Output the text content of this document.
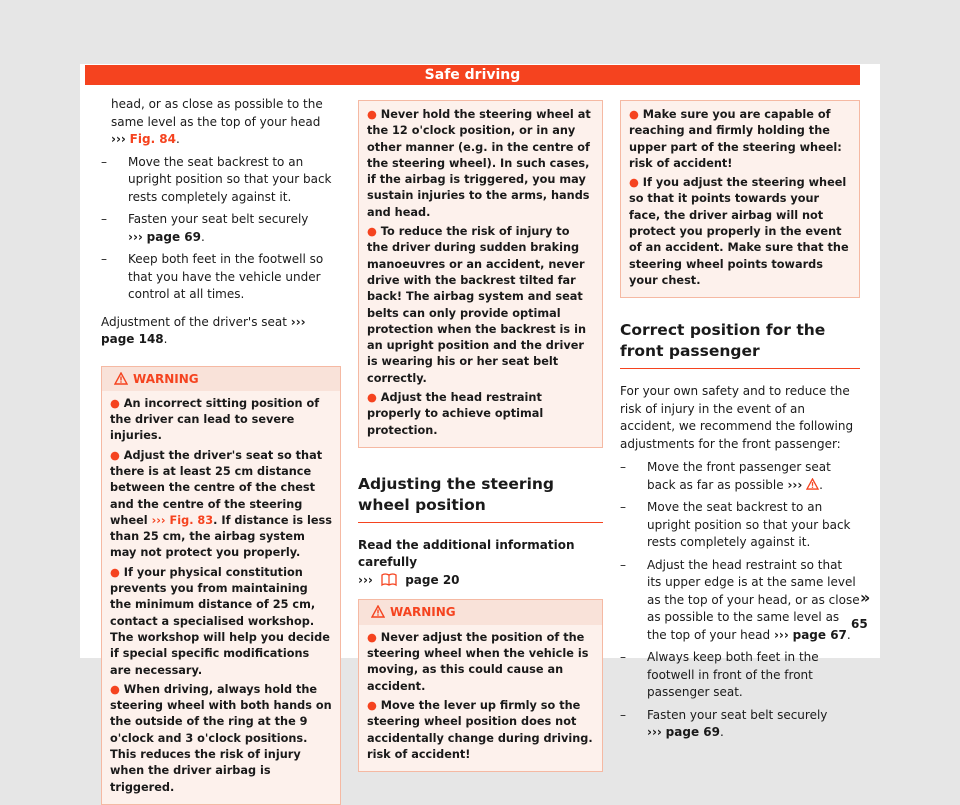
Safe driving

head, or as close as possible to the same level as the top of your head ››› Fig. 84.

– Move the seat backrest to an upright position so that your back rests completely against it.
– Fasten your seat belt securely
››› page 69.
– Keep both feet in the footwell so that you have the vehicle under control at all times.

Adjustment of the driver's seat ››› page 148.

WARNING

● An incorrect sitting position of the driver can lead to severe injuries.

● Adjust the driver's seat so that there is at least 25 cm distance between the centre of the chest and the centre of the steering wheel ››› Fig. 83. If distance is less than 25 cm, the airbag system may not protect you properly.

● If your physical constitution prevents you from maintaining the minimum distance of 25 cm, contact a specialised workshop. The workshop will help you decide if special specific modifications are necessary.

● When driving, always hold the steering wheel with both hands on the outside of the ring at the 9 o'clock and 3 o'clock positions. This reduces the risk of injury when the driver airbag is triggered.

● Never hold the steering wheel at the 12 o'clock position, or in any other manner (e.g. in the centre of the steering wheel). In such cases, if the airbag is triggered, you may sustain injuries to the arms, hands and head.

● To reduce the risk of injury to the driver during sudden braking manoeuvres or an accident, never drive with the backrest tilted far back! The airbag system and seat belts can only provide optimal protection when the backrest is in an upright position and the driver is wearing his or her seat belt correctly.

● Adjust the head restraint properly to achieve optimal protection.

Adjusting the steering wheel position
Read the additional information carefully
›››	page 20
WARNING

● Never adjust the position of the steering wheel when the vehicle is moving, as this could cause an accident.

● Move the lever up firmly so the steering wheel position does not accidentally change during driving. risk of accident!

● Make sure you are capable of reaching and firmly holding the upper part of the steering wheel: risk of accident!

● If you adjust the steering wheel so that it points towards your face, the driver airbag will not protect you properly in the event of an accident. Make sure that the steering wheel points towards your chest.

Correct position for the front passenger

For your own safety and to reduce the risk of injury in the event of an accident, we recommend the following adjustments for the front passenger:

– Move the front passenger seat back as far as possible ››› .
– Move the seat backrest to an upright position so that your back rests completely against it.
– Adjust the head restraint so that its upper edge is at the same level as the top of your head, or as close as possible to the same level as the top of your head ››› page 67.
– Always keep both feet in the footwell in front of the front passenger seat.
– Fasten your seat belt securely
››› page 69.
»
65
